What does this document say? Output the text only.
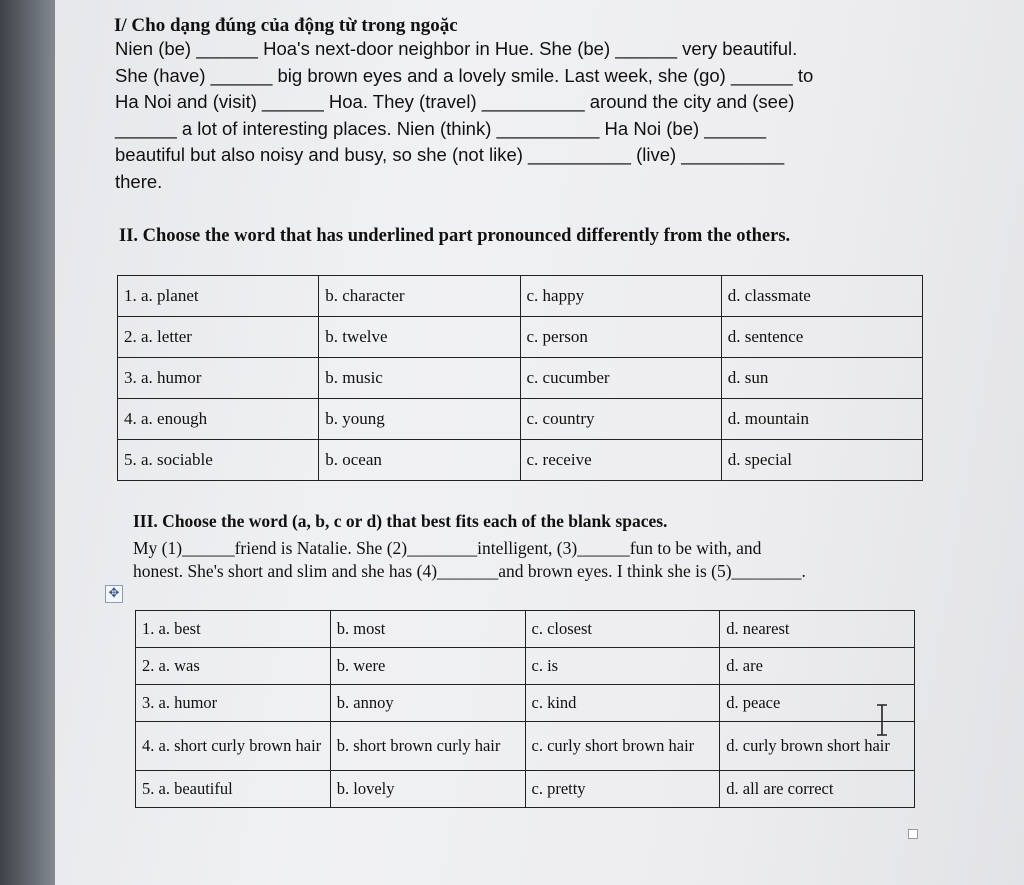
I/ Cho dạng đúng của động từ trong ngoặc
Nien (be) ______ Hoa's next-door neighbor in Hue. She (be) ______ very beautiful.
She (have) ______ big brown eyes and a lovely smile. Last week, she (go) ______ to
Ha Noi and (visit) ______ Hoa. They (travel) __________ around the city and (see)
______ a lot of interesting places. Nien (think) __________ Ha Noi (be) ______
beautiful but also noisy and busy, so she (not like) __________ (live) __________
there.
II. Choose the word that has underlined part pronounced differently from the others.
1. a. planet	b. character	c. happy	d. classmate
2. a. letter	b. twelve	c. person	d. sentence
3. a. humor	b. music	c. cucumber	d. sun
4. a. enough	b. young	c. country	d. mountain
5. a. sociable	b. ocean	c. receive	d. special
III. Choose the word (a, b, c or d) that best fits each of the blank spaces.
My (1)______friend is Natalie. She (2)________intelligent, (3)______fun to be with, and
honest. She's short and slim and she has (4)_______and brown eyes. I think she is (5)________.
✥
1. a. best	b. most	c. closest	d. nearest
2. a. was	b. were	c. is	d. are
3. a. humor	b. annoy	c. kind	d. peace
4. a. short curly brown hair	b. short brown curly hair	c. curly short brown hair	d. curly brown short hair
5. a. beautiful	b. lovely	c. pretty	d. all are correct
